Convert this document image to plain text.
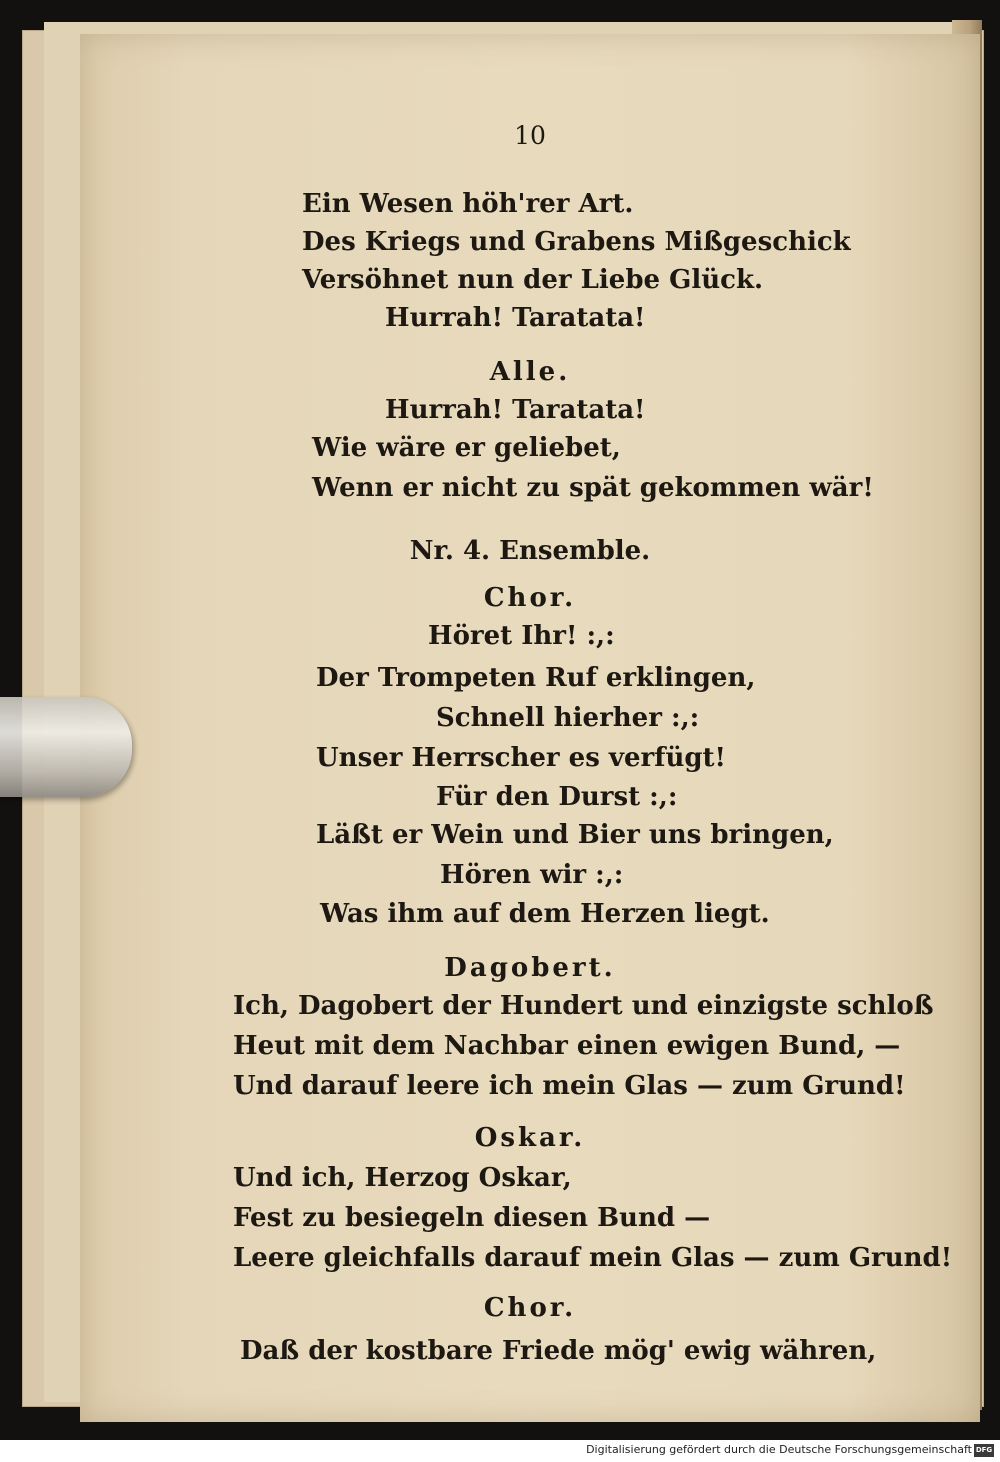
10
Ein Wesen höh'rer Art.
Des Kriegs und Grabens Mißgeschick
Versöhnet nun der Liebe Glück.
Hurrah! Taratata!
Alle.
Hurrah! Taratata!
Wie wäre er geliebet,
Wenn er nicht zu spät gekommen wär!
Nr. 4. Ensemble.
Chor.
Höret Ihr! :,:
Der Trompeten Ruf erklingen,
Schnell hierher :,:
Unser Herrscher es verfügt!
Für den Durst :,:
Läßt er Wein und Bier uns bringen,
Hören wir :,:
Was ihm auf dem Herzen liegt.
Dagobert.
Ich, Dagobert der Hundert und einzigste schloß
Heut mit dem Nachbar einen ewigen Bund, —
Und darauf leere ich mein Glas — zum Grund!
Oskar.
Und ich, Herzog Oskar,
Fest zu besiegeln diesen Bund —
Leere gleichfalls darauf mein Glas — zum Grund!
Chor.
Daß der kostbare Friede mög' ewig währen,
Digitalisierung gefördert durch die Deutsche Forschungsgemeinschaft DFG
